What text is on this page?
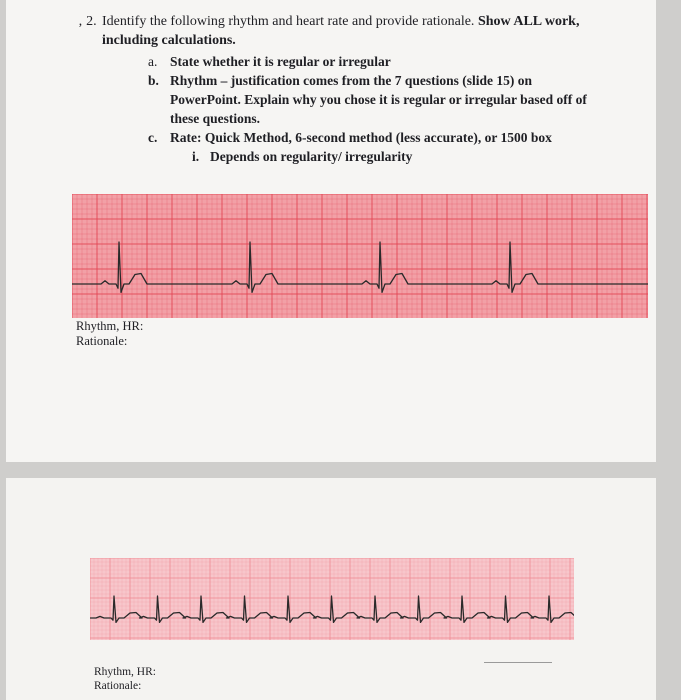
‚ 2. Identify the following rhythm and heart rate and provide rationale. Show ALL work,
including calculations.
a. State whether it is regular or irregular
b. Rhythm – justification comes from the 7 questions (slide 15) on
PowerPoint. Explain why you chose it is regular or irregular based off of
these questions.
c. Rate: Quick Method, 6-second method (less accurate), or 1500 box
i. Depends on regularity/ irregularity
Rhythm, HR:
Rationale:
Rhythm, HR:
Rationale:
